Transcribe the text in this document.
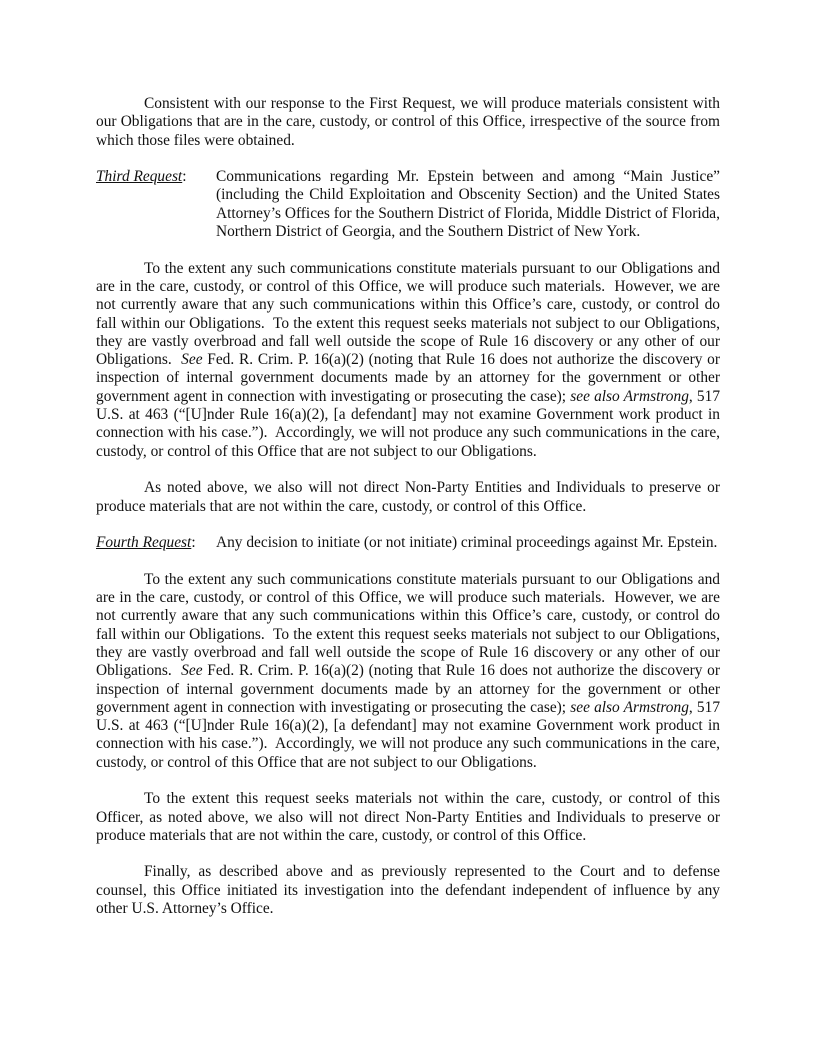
Consistent with our response to the First Request, we will produce materials consistent with our Obligations that are in the care, custody, or control of this Office, irrespective of the source from which those files were obtained.

Third Request:	Communications regarding Mr. Epstein between and among “Main Justice” (including the Child Exploitation and Obscenity Section) and the United States Attorney’s Offices for the Southern District of Florida, Middle District of Florida, Northern District of Georgia, and the Southern District of New York.

To the extent any such communications constitute materials pursuant to our Obligations and are in the care, custody, or control of this Office, we will produce such materials.  However, we are not currently aware that any such communications within this Office’s care, custody, or control do fall within our Obligations.  To the extent this request seeks materials not subject to our Obligations, they are vastly overbroad and fall well outside the scope of Rule 16 discovery or any other of our Obligations.  See Fed. R. Crim. P. 16(a)(2) (noting that Rule 16 does not authorize the discovery or inspection of internal government documents made by an attorney for the government or other government agent in connection with investigating or prosecuting the case); see also Armstrong, 517 U.S. at 463 (“[U]nder Rule 16(a)(2), [a defendant] may not examine Government work product in connection with his case.”).  Accordingly, we will not produce any such communications in the care, custody, or control of this Office that are not subject to our Obligations.

As noted above, we also will not direct Non-Party Entities and Individuals to preserve or produce materials that are not within the care, custody, or control of this Office.

Fourth Request:	Any decision to initiate (or not initiate) criminal proceedings against Mr. Epstein.

To the extent any such communications constitute materials pursuant to our Obligations and are in the care, custody, or control of this Office, we will produce such materials.  However, we are not currently aware that any such communications within this Office’s care, custody, or control do fall within our Obligations.  To the extent this request seeks materials not subject to our Obligations, they are vastly overbroad and fall well outside the scope of Rule 16 discovery or any other of our Obligations.  See Fed. R. Crim. P. 16(a)(2) (noting that Rule 16 does not authorize the discovery or inspection of internal government documents made by an attorney for the government or other government agent in connection with investigating or prosecuting the case); see also Armstrong, 517 U.S. at 463 (“[U]nder Rule 16(a)(2), [a defendant] may not examine Government work product in connection with his case.”).  Accordingly, we will not produce any such communications in the care, custody, or control of this Office that are not subject to our Obligations.

To the extent this request seeks materials not within the care, custody, or control of this Officer, as noted above, we also will not direct Non-Party Entities and Individuals to preserve or produce materials that are not within the care, custody, or control of this Office.

Finally, as described above and as previously represented to the Court and to defense counsel, this Office initiated its investigation into the defendant independent of influence by any other U.S. Attorney’s Office.
